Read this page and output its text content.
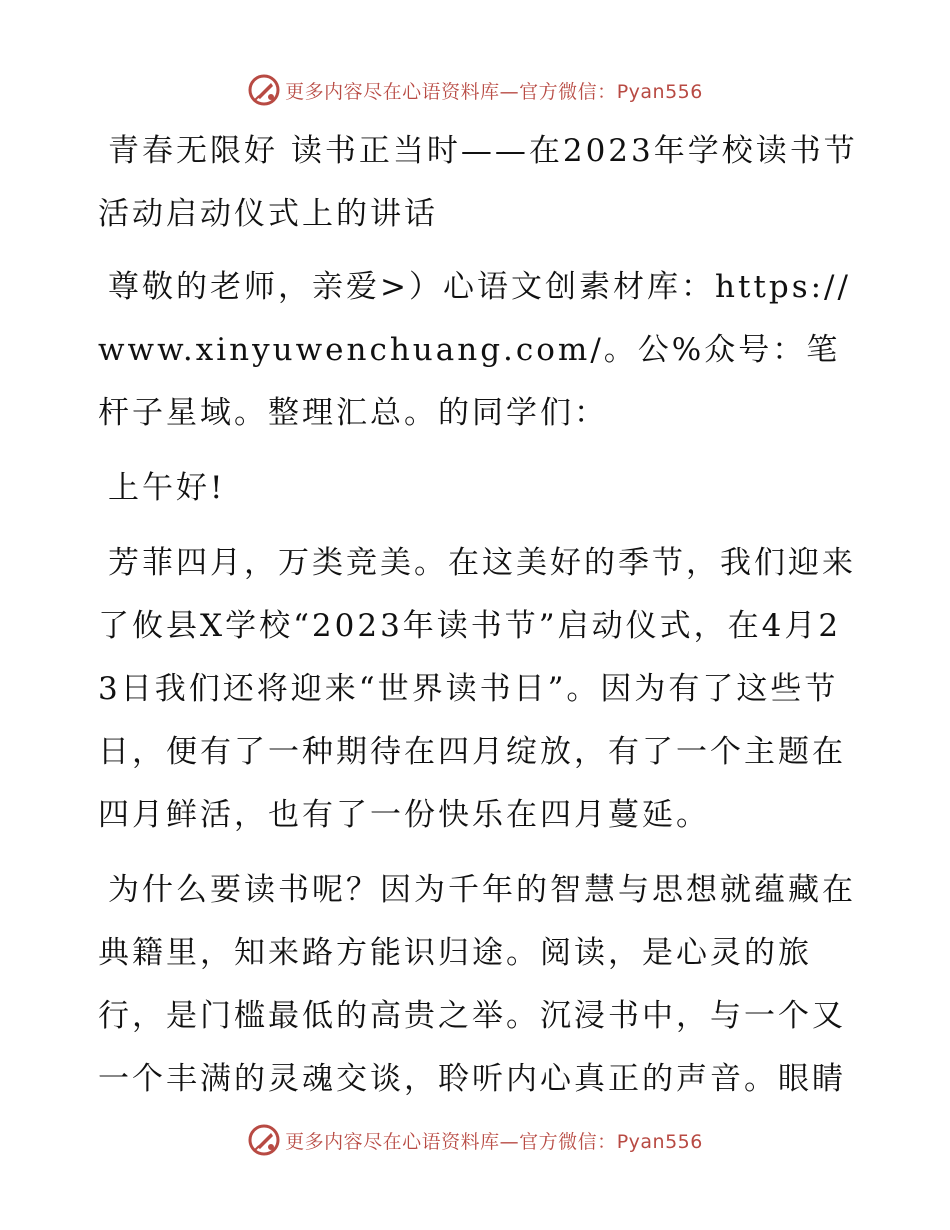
更多内容尽在心语资料库—官方微信：Pyan556
青春无限好 读书正当时——在2023年学校读书节活动启动仪式上的讲话
尊敬的老师，亲爱>）心语文创素材库：https://www.xinyuwenchuang.com/。公%众号：笔杆子星域。整理汇总。的同学们：
上午好!
芳菲四月，万类竞美。在这美好的季节，我们迎来了攸县X学校“2023年读书节”启动仪式，在4月23日我们还将迎来“世界读书日”。因为有了这些节日，便有了一种期待在四月绽放，有了一个主题在四月鲜活，也有了一份快乐在四月蔓延。
为什么要读书呢？因为千年的智慧与思想就蕴藏在典籍里，知来路方能识归途。阅读，是心灵的旅行，是门槛最低的高贵之举。沉浸书中，与一个又一个丰满的灵魂交谈，聆听内心真正的声音。眼睛
更多内容尽在心语资料库—官方微信：Pyan556
